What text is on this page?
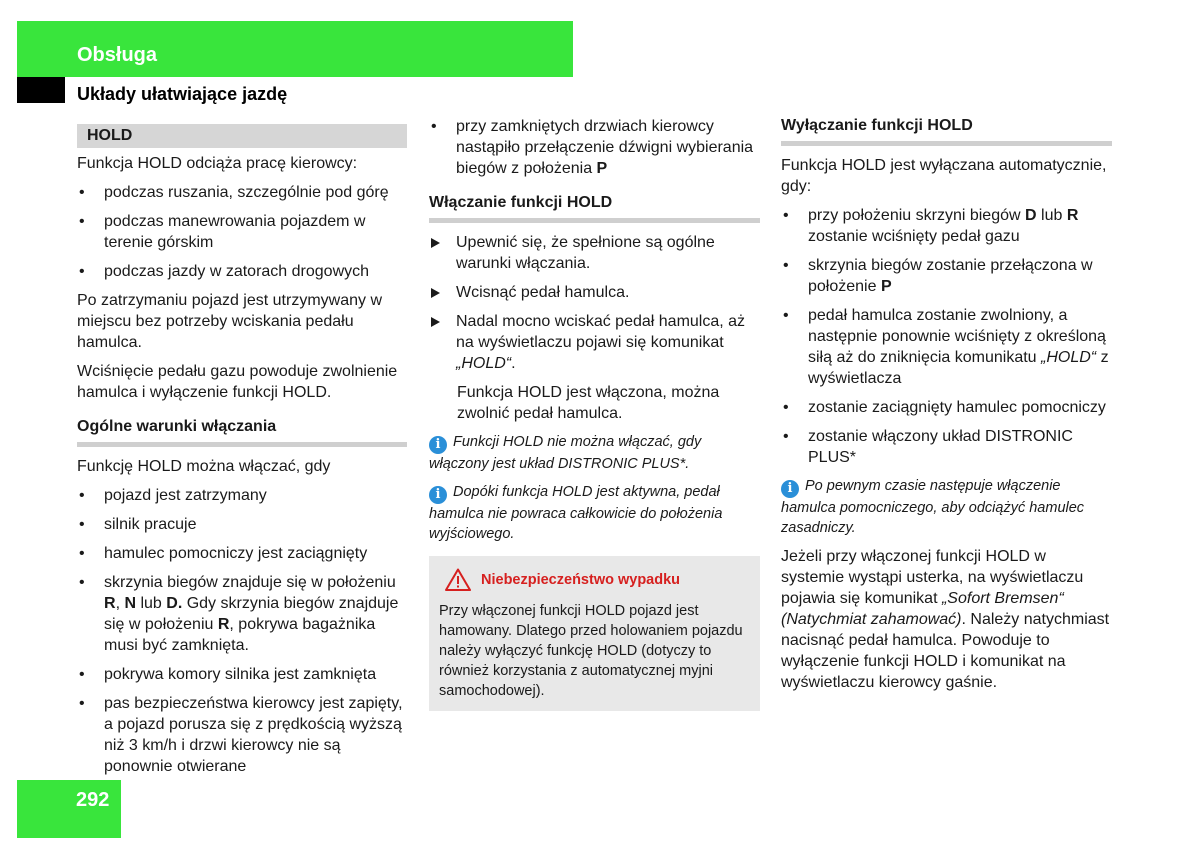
Obsługa
Układy ułatwiające jazdę
HOLD

Funkcja HOLD odciąża pracę kierowcy:

• podczas ruszania, szczególnie pod górę
• podczas manewrowania pojazdem w terenie górskim
• podczas jazdy w zatorach drogowych

Po zatrzymaniu pojazd jest utrzymywany w miejscu bez potrzeby wciskania pedału hamulca.

Wciśnięcie pedału gazu powoduje zwolnienie hamulca i wyłączenie funkcji HOLD.

Ogólne warunki włączania

Funkcję HOLD można włączać, gdy

• pojazd jest zatrzymany
• silnik pracuje
• hamulec pomocniczy jest zaciągnięty
• skrzynia biegów znajduje się w położeniu R, N lub D. Gdy skrzynia biegów znajduje się w położeniu R, pokrywa bagażnika musi być zamknięta.
• pokrywa komory silnika jest zamknięta
• pas bezpieczeństwa kierowcy jest zapięty, a pojazd porusza się z prędkością wyższą niż 3 km/h i drzwi kierowcy nie są ponownie otwierane
• przy zamkniętych drzwiach kierowcy nastąpiło przełączenie dźwigni wybierania biegów z położenia P
Włączanie funkcji HOLD
Upewnić się, że spełnione są ogólne warunki włączania.
Wcisnąć pedał hamulca.
Nadal mocno wciskać pedał hamulca, aż na wyświetlaczu pojawi się komunikat „HOLD“.

Funkcja HOLD jest włączona, można zwolnić pedał hamulca.

i Funkcji HOLD nie można włączać, gdy włączony jest układ DISTRONIC PLUS*.
i Dopóki funkcja HOLD jest aktywna, pedał hamulca nie powraca całkowicie do położenia wyjściowego.
Niebezpieczeństwo wypadku
Przy włączonej funkcji HOLD pojazd jest hamowany. Dlatego przed holowaniem pojazdu należy wyłączyć funkcję HOLD (dotyczy to również korzystania z automatycznej myjni samochodowej).
Wyłączanie funkcji HOLD

Funkcja HOLD jest wyłączana automatycznie, gdy:

• przy położeniu skrzyni biegów D lub R zostanie wciśnięty pedał gazu
• skrzynia biegów zostanie przełączona w położenie P
• pedał hamulca zostanie zwolniony, a następnie ponownie wciśnięty z określoną siłą aż do zniknięcia komunikatu „HOLD“ z wyświetlacza
• zostanie zaciągnięty hamulec pomocniczy
• zostanie włączony układ DISTRONIC PLUS*
i Po pewnym czasie następuje włączenie hamulca pomocniczego, aby odciążyć hamulec zasadniczy.

Jeżeli przy włączonej funkcji HOLD w systemie wystąpi usterka, na wyświetlaczu pojawia się komunikat „Sofort Bremsen“ (Natychmiat zahamować). Należy natychmiast nacisnąć pedał hamulca. Powoduje to wyłączenie funkcji HOLD i komunikat na wyświetlaczu kierowcy gaśnie.

292
